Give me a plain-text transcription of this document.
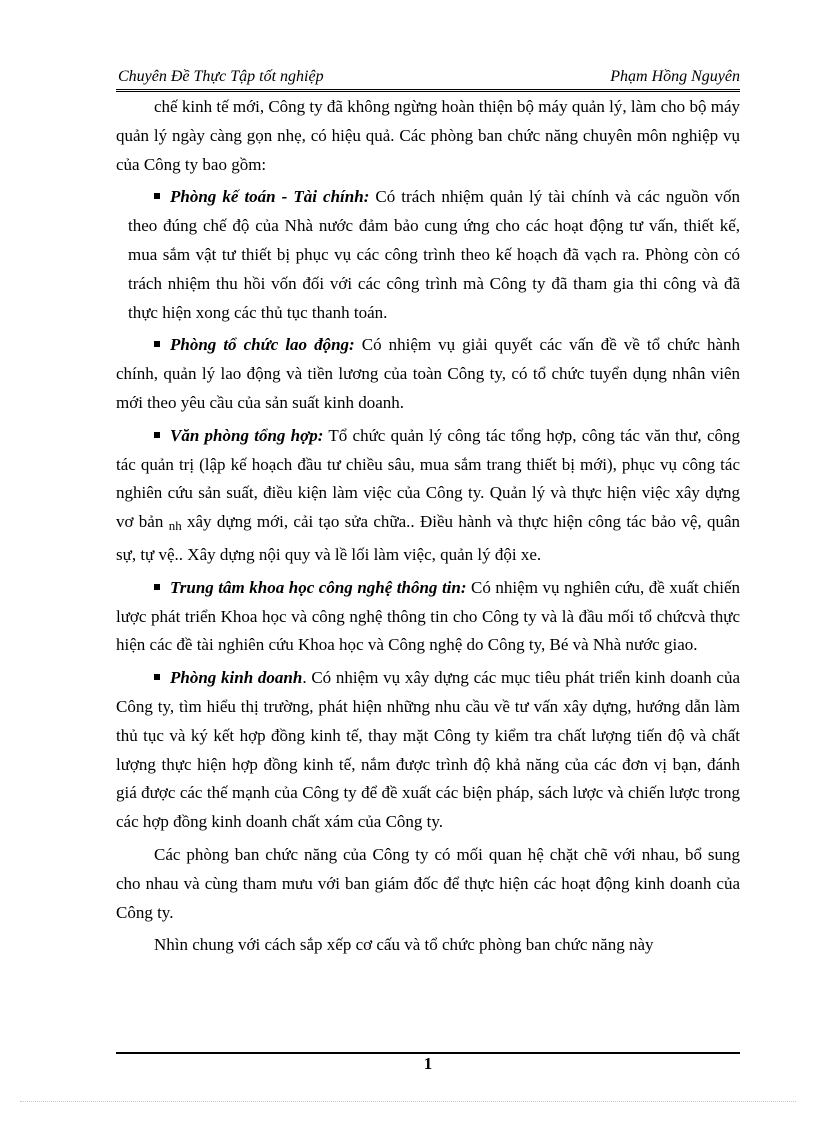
Chuyên Đề Thực Tập tốt nghiệp	Phạm Hồng Nguyên

chế kinh tế mới, Công ty đã không ngừng hoàn thiện bộ máy quản lý, làm cho bộ máy quản lý ngày càng gọn nhẹ, có hiệu quả. Các phòng ban chức năng chuyên môn nghiệp vụ của Công ty bao gồm:

Phòng kế toán - Tài chính: Có trách nhiệm quản lý tài chính và các nguồn vốn theo đúng chế độ của Nhà nước đảm bảo cung ứng cho các hoạt động tư vấn, thiết kế, mua sắm vật tư thiết bị phục vụ các công trình theo kế hoạch đã vạch ra. Phòng còn có trách nhiệm thu hồi vốn đối với các công trình mà Công ty đã tham gia thi công và đã thực hiện xong các thủ tục thanh toán.

Phòng tổ chức lao động: Có nhiệm vụ giải quyết các vấn đề về tổ chức hành chính, quản lý lao động và tiền lương của toàn Công ty, có tổ chức tuyển dụng nhân viên mới theo yêu cầu của sản suất kinh doanh.

Văn phòng tổng hợp: Tổ chức quản lý công tác tổng hợp, công tác văn thư, công tác quản trị (lập kế hoạch đầu tư chiều sâu, mua sắm trang thiết bị mới), phục vụ công tác nghiên cứu sản suất, điều kiện làm việc của Công ty. Quản lý và thực hiện việc xây dựng vơ bản nh xây dựng mới, cải tạo sửa chữa.. Điều hành và thực hiện công tác bảo vệ, quân sự, tự vệ.. Xây dựng nội quy và lề lối làm việc, quản lý đội xe.

Trung tâm khoa học công nghệ thông tin: Có nhiệm vụ nghiên cứu, đề xuất chiến lược phát triển Khoa học và công nghệ thông tin cho Công ty và là đầu mối tổ chứcvà thực hiện các đề tài nghiên cứu Khoa học và Công nghệ do Công ty, Bé và Nhà nước giao.

Phòng kinh doanh. Có nhiệm vụ xây dựng các mục tiêu phát triển kinh doanh của Công ty, tìm hiểu thị trường, phát hiện những nhu cầu về tư vấn xây dựng, hướng dẫn làm thủ tục và ký kết hợp đồng kinh tế, thay mặt Công ty kiểm tra chất lượng tiến độ và chất lượng thực hiện hợp đồng kinh tế, nắm được trình độ khả năng của các đơn vị bạn, đánh giá được các thế mạnh của Công ty để đề xuất các biện pháp, sách lược và chiến lược trong các hợp đồng kinh doanh chất xám của Công ty.

Các phòng ban chức năng của Công ty có mối quan hệ chặt chẽ với nhau, bổ sung cho nhau và cùng tham mưu với ban giám đốc để thực hiện các hoạt động kinh doanh của Công ty.

Nhìn chung với cách sắp xếp cơ cấu và tổ chức phòng ban chức năng này

1
